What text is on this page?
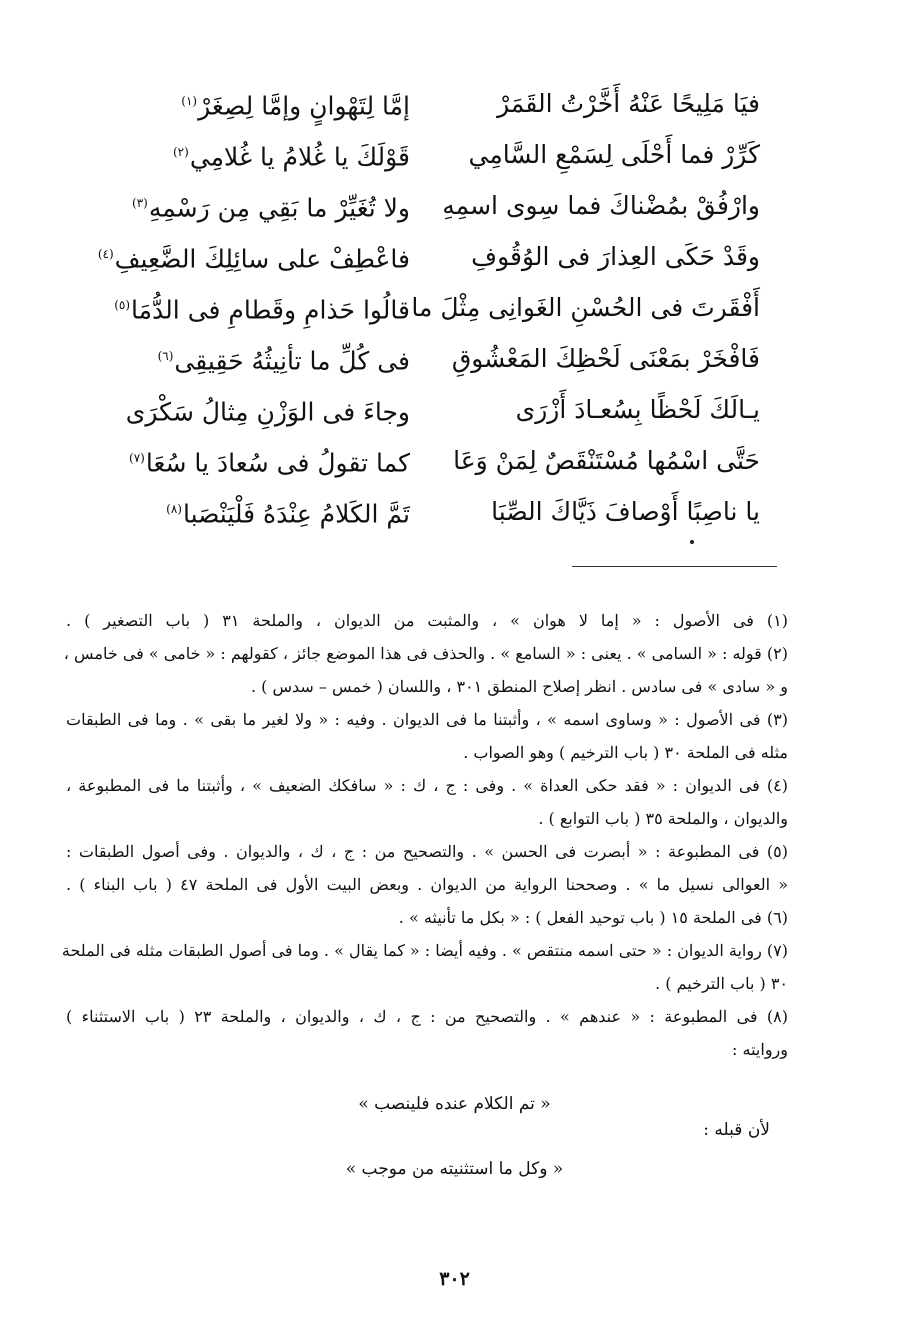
فيَا مَلِيحًا عَنْهُ أَخَّرْتُ القَمَرْ
إمَّا لِتَهْوانٍ وإمَّا لِصِغَرْ$^{(١)}$
كَرِّرْ فما أَحْلَى لِسَمْعِ السَّامِي
قَوْلَكَ يا غُلامُ يا غُلامِي$^{(٢)}$
وارْفُقْ بمُضْناكَ فما سِوى اسمِهِ
ولا تُغَيِّرْ ما بَقِي مِن رَسْمِهِ$^{(٣)}$
وقَدْ حَكَى العِذارَ فى الوُقُوفِ
فاعْطِفْ على سائِلِكَ الضَّعِيفِ$^{(٤)}$
أَفْقَرتَ فى الحُسْنِ الغَوانِى مِثْلَ ما
قالُوا حَذامِ وقَطامِ فى الدُّمَا$^{(٥)}$
فَافْخَرْ بمَعْنَى لَحْظِكَ المَعْشُوقِ
فى كُلِّ ما تأنِيثُهُ حَقِيقِى$^{(٦)}$
يـالَكَ لَحْظًا بِسُعـادَ أَزْرَى
وجاءَ فى الوَزْنِ مِثالُ سَكْرَى
حَتَّى اسْمُها مُسْتَنْقَصٌ لِمَنْ وَعَا
كما تقولُ فى سُعادَ يا سُعَا$^{(٧)}$
يا ناصِبًا أَوْصافَ ذَيَّاكَ الصِّبَا
تَمَّ الكَلامُ عِنْدَهُ فَلْيَنْصَبا$^{(٨)}$
(١) فى الأصول : « إما لا هوان » ، والمثبت من الديوان ، والملحة ٣١ ( باب التصغير ) .
(٢) قوله : « السامى » . يعنى : « السامع » . والحذف فى هذا الموضع جائز ، كقولهم : « خامى » فى خامس ،
و « سادى » فى سادس . انظر إصلاح المنطق ٣٠١ ، واللسان ( خمس – سدس ) .
(٣) فى الأصول : « وساوى اسمه » ، وأثبتنا ما فى الديوان . وفيه : « ولا لغير ما بقى » . وما فى الطبقات
مثله فى الملحة ٣٠ ( باب الترخيم ) وهو الصواب .
(٤) فى الديوان : « فقد حكى العداة » . وفى : ج ، ك : « سافكك الضعيف » ، وأثبتنا ما فى المطبوعة ،
والديوان ، والملحة ٣٥ ( باب التوابع ) .
(٥) فى المطبوعة : « أبصرت فى الحسن » . والتصحيح من : ج ، ك ، والديوان . وفى أصول الطبقات :
« العوالى نسيل ما » . وصححنا الرواية من الديوان . وبعض البيت الأول فى الملحة ٤٧ ( باب البناء ) .
(٦) فى الملحة ١٥ ( باب توحيد الفعل ) : « بكل ما تأنيثه » .
(٧) رواية الديوان : « حتى اسمه منتقص » . وفيه أيضا : « كما يقال » . وما فى أصول الطبقات مثله فى الملحة
٣٠ ( باب الترخيم ) .
(٨) فى المطبوعة : « عندهم » . والتصحيح من : ج ، ك ، والديوان ، والملحة ٢٣ ( باب الاستثناء )
وروايته :
« تم الكلام عنده فلينصب »
لأن قبله :
« وكل ما استثنيته من موجب »
٣٠٢
